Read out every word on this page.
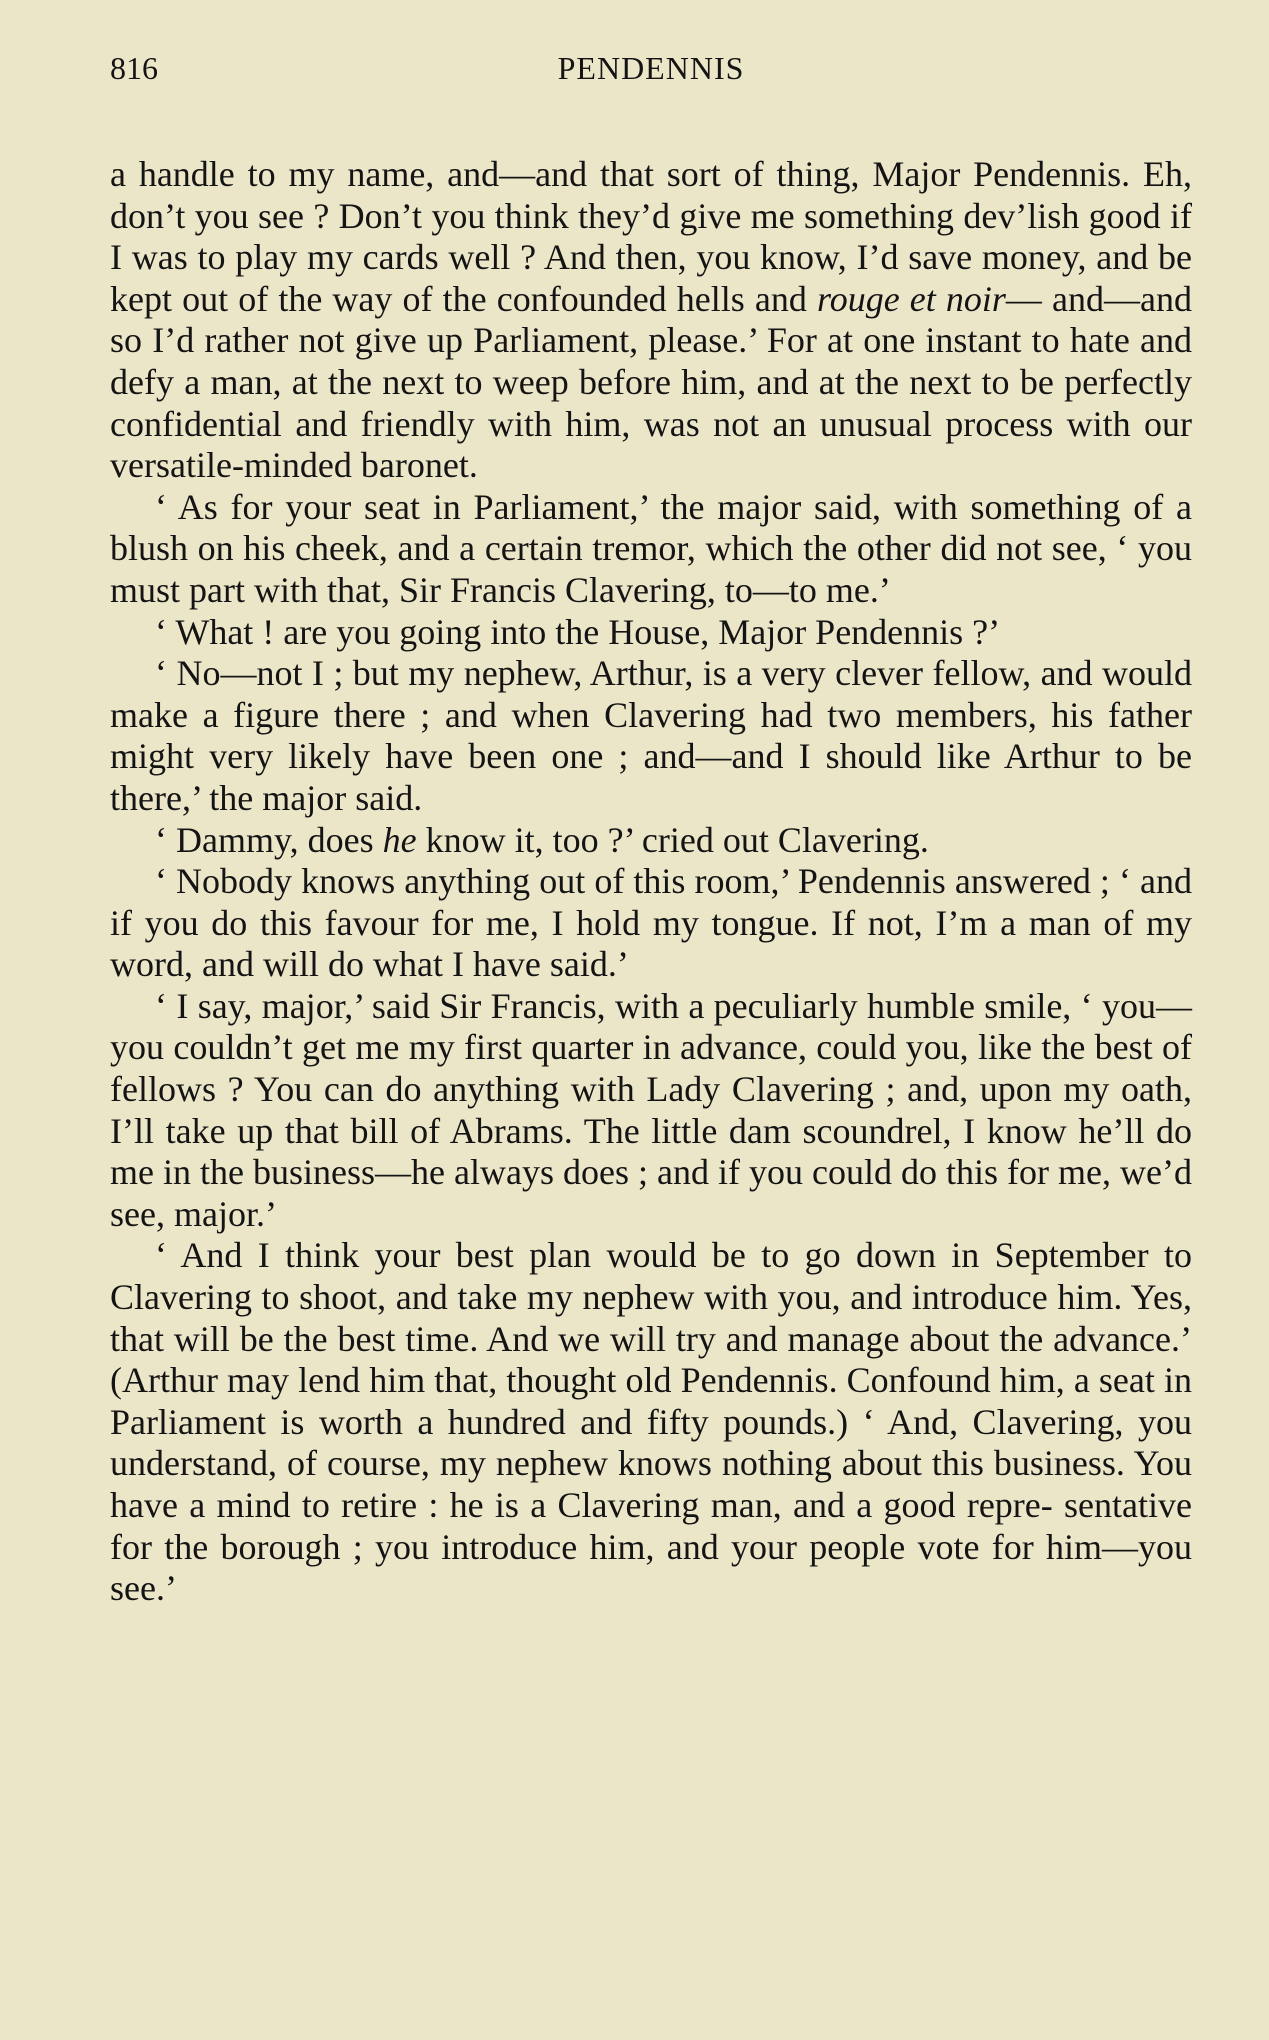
816	PENDENNIS

a handle to my name, and—and that sort of thing, Major Pendennis. Eh, don’t you see ? Don’t you think they’d give me something dev’lish good if I was to play my cards well ? And then, you know, I’d save money, and be kept out of the way of the confounded hells and rouge et noir— and—and so I’d rather not give up Parliament, please.’ For at one instant to hate and defy a man, at the next to weep before him, and at the next to be perfectly confidential and friendly with him, was not an unusual process with our versatile-minded baronet.

‘ As for your seat in Parliament,’ the major said, with something of a blush on his cheek, and a certain tremor, which the other did not see, ‘ you must part with that, Sir Francis Clavering, to—to me.’

‘ What ! are you going into the House, Major Pendennis ?’

‘ No—not I ; but my nephew, Arthur, is a very clever fellow, and would make a figure there ; and when Clavering had two members, his father might very likely have been one ; and—and I should like Arthur to be there,’ the major said.

‘ Dammy, does he know it, too ?’ cried out Clavering.

‘ Nobody knows anything out of this room,’ Pendennis answered ; ‘ and if you do this favour for me, I hold my tongue. If not, I’m a man of my word, and will do what I have said.’

‘ I say, major,’ said Sir Francis, with a peculiarly humble smile, ‘ you—you couldn’t get me my first quarter in advance, could you, like the best of fellows ? You can do anything with Lady Clavering ; and, upon my oath, I’ll take up that bill of Abrams. The little dam scoundrel, I know he’ll do me in the business—he always does ; and if you could do this for me, we’d see, major.’

‘ And I think your best plan would be to go down in September to Clavering to shoot, and take my nephew with you, and introduce him. Yes, that will be the best time. And we will try and manage about the advance.’ (Arthur may lend him that, thought old Pendennis. Confound him, a seat in Parliament is worth a hundred and fifty pounds.) ‘ And, Clavering, you understand, of course, my nephew knows nothing about this business. You have a mind to retire : he is a Clavering man, and a good repre- sentative for the borough ; you introduce him, and your people vote for him—you see.’
